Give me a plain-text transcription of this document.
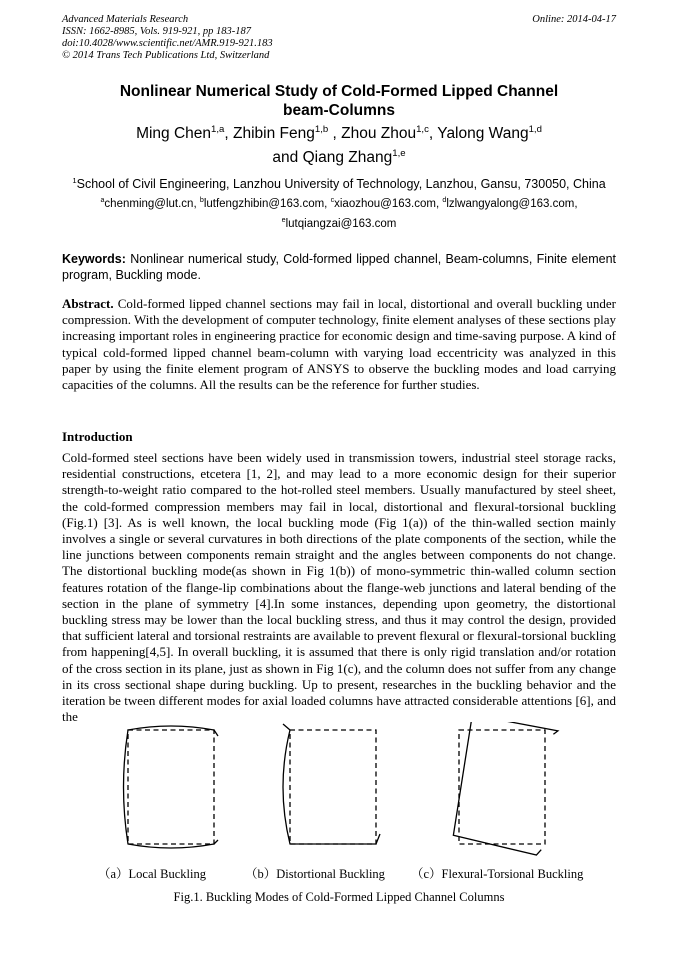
Advanced Materials Research
ISSN: 1662-8985, Vols. 919-921, pp 183-187
doi:10.4028/www.scientific.net/AMR.919-921.183
© 2014 Trans Tech Publications Ltd, Switzerland
Online: 2014-04-17
Nonlinear Numerical Study of Cold-Formed Lipped Channel
beam-Columns
Ming Chen$^{1,a}$, Zhibin Feng$^{1,b}$ , Zhou Zhou$^{1,c}$, Yalong Wang$^{1,d}$
and Qiang Zhang$^{1,e}$
$^1$School of Civil Engineering, Lanzhou University of Technology, Lanzhou, Gansu, 730050, China
$^a$chenming@lut.cn, $^b$lutfengzhibin@163.com, $^c$xiaozhou@163.com, $^d$lzlwangyalong@163.com,
$^e$lutqiangzai@163.com
Keywords: Nonlinear numerical study, Cold-formed lipped channel, Beam-columns, Finite element program, Buckling mode.
Abstract. Cold-formed lipped channel sections may fail in local, distortional and overall buckling under compression. With the development of computer technology, finite element analyses of these sections play increasing important roles in engineering practice for economic design and time-saving purpose. A kind of typical cold-formed lipped channel beam-column with varying load eccentricity was analyzed in this paper by using the finite element program of ANSYS to observe the buckling modes and load carrying capacities of the columns. All the results can be the reference for further studies.
Introduction
Cold-formed steel sections have been widely used in transmission towers, industrial steel storage racks, residential constructions, etcetera [1, 2], and may lead to a more economic design for their superior strength-to-weight ratio compared to the hot-rolled steel members. Usually manufactured by steel sheet, the cold-formed compression members may fail in local, distortional and flexural-torsional buckling (Fig.1) [3]. As is well known, the local buckling mode (Fig 1(a)) of the thin-walled section mainly involves a single or several curvatures in both directions of the plate components of the section, while the line junctions between components remain straight and the angles between components do not change. The distortional buckling mode(as shown in Fig 1(b)) of mono-symmetric thin-walled column section features rotation of the flange-lip combinations about the flange-web junctions and lateral bending of the section in the plane of symmetry [4].In some instances, depending upon geometry, the distortional buckling stress may be lower than the local buckling stress, and thus it may control the design, provided that sufficient lateral and torsional restraints are available to prevent flexural or flexural-torsional buckling from happening[4,5]. In overall buckling, it is assumed that there is only rigid translation and/or rotation of the cross section in its plane, just as shown in Fig 1(c), and the column does not suffer from any change in its cross sectional shape during buckling. Up to present, researches in the buckling behavior and the iteration be tween different modes for axial loaded columns have attracted considerable attentions [6], and the
（a）Local Buckling	（b）Distortional Buckling （c）Flexural-Torsional Buckling
Fig.1. Buckling Modes of Cold-Formed Lipped Channel Columns
